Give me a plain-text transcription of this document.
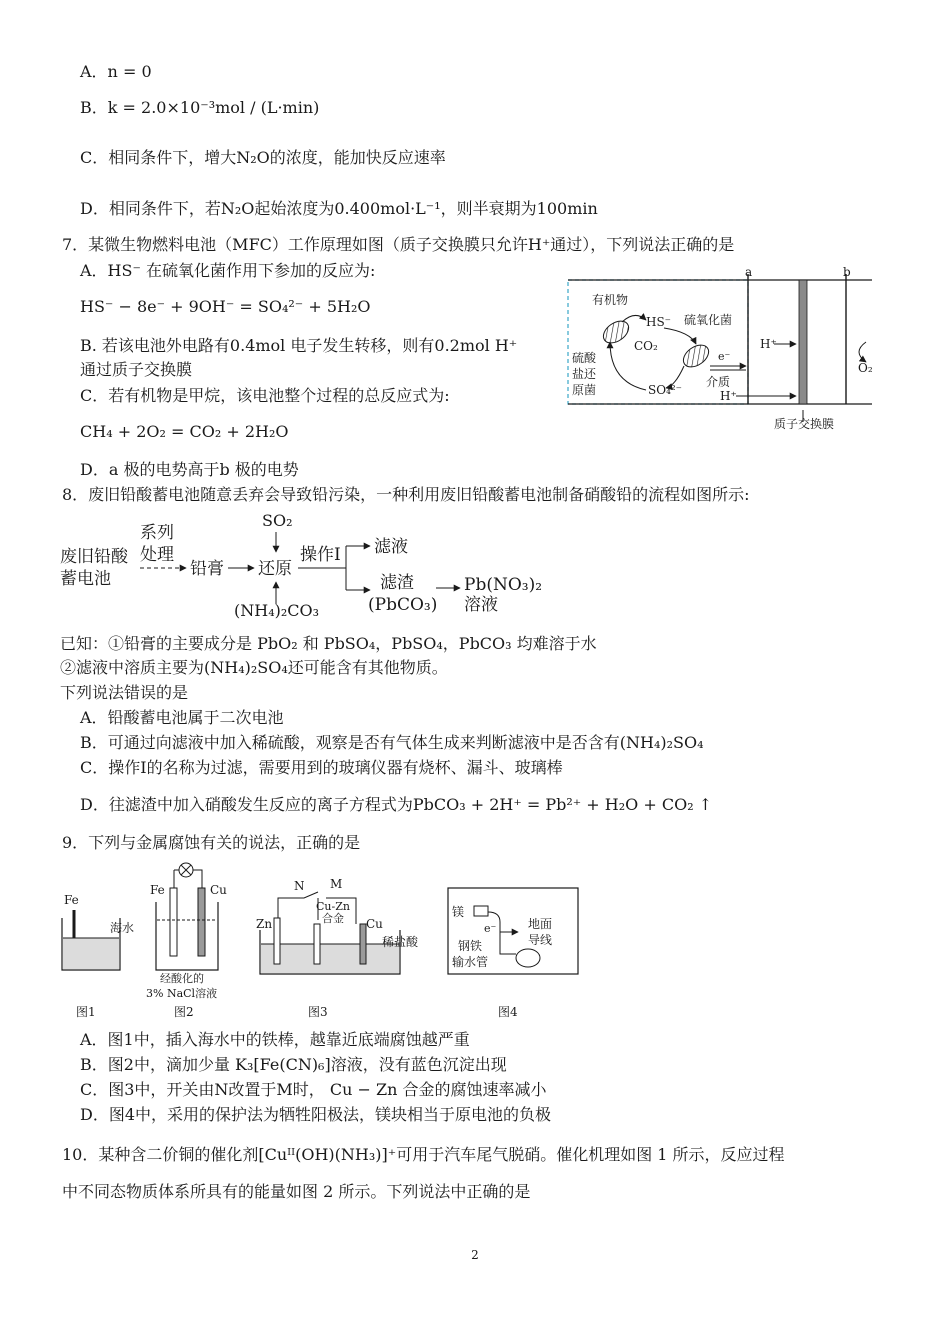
A．n = 0
B．k = 2.0×10⁻³mol / (L·min)
C．相同条件下，增大N₂O的浓度，能加快反应速率
D．相同条件下，若N₂O起始浓度为0.400mol·L⁻¹，则半衰期为100min
7．某微生物燃料电池（MFC）工作原理如图（质子交换膜只允许H⁺通过），下列说法正确的是
A．HS⁻ 在硫氧化菌作用下参加的反应为:
HS⁻ − 8e⁻ + 9OH⁻ = SO₄²⁻ + 5H₂O
B. 若该电池外电路有0.4mol 电子发生转移，则有0.2mol H⁺
通过质子交换膜
C．若有机物是甲烷，该电池整个过程的总反应式为:
CH₄ + 2O₂ = CO₂ + 2H₂O
D．a 极的电势高于b 极的电势
a	b
有机物
HS⁻ 硫氧化菌
CO₂
硫酸
盐还
原菌	SO₄²⁻
e⁻
介质
H⁺
H⁺
O₂
质子交换膜
8．废旧铅酸蓄电池随意丢弃会导致铅污染，一种利用废旧铅酸蓄电池制备硝酸铅的流程如图所示:
废旧铅酸
蓄电池
系列
处理
铅膏
SO₂
还原
(NH₄)₂CO₃
操作I 滤液
滤渣
(PbCO₃)
Pb(NO₃)₂
溶液
已知：①铅膏的主要成分是 PbO₂ 和 PbSO₄，PbSO₄，PbCO₃ 均难溶于水
②滤液中溶质主要为(NH₄)₂SO₄还可能含有其他物质。
下列说法错误的是
A．铅酸蓄电池属于二次电池
B．可通过向滤液中加入稀硫酸，观察是否有气体生成来判断滤液中是否含有(NH₄)₂SO₄
C．操作I的名称为过滤，需要用到的玻璃仪器有烧杯、漏斗、玻璃棒
D．往滤渣中加入硝酸发生反应的离子方程式为PbCO₃ + 2H⁺ = Pb²⁺ + H₂O + CO₂ ↑
9．下列与金属腐蚀有关的说法，正确的是
Fe
海水
图1
Fe	Cu
经酸化的
3% NaCl溶液
图2
N M
Cu-Zn
合金
Zn	Cu
稀盐酸
图3
镁
e⁻	地面
导线
钢铁
输水管
图4
A．图1中，插入海水中的铁棒，越靠近底端腐蚀越严重
B．图2中，滴加少量 K₃[Fe(CN)₆]溶液，没有蓝色沉淀出现
C．图3中，开关由N改置于M时， Cu − Zn 合金的腐蚀速率减小
D．图4中，采用的保护法为牺牲阳极法，镁块相当于原电池的负极
10．某种含二价铜的催化剂[Cuᴵᴵ(OH)(NH₃)]⁺可用于汽车尾气脱硝。催化机理如图 1 所示，反应过程
中不同态物质体系所具有的能量如图 2 所示。下列说法中正确的是
2
